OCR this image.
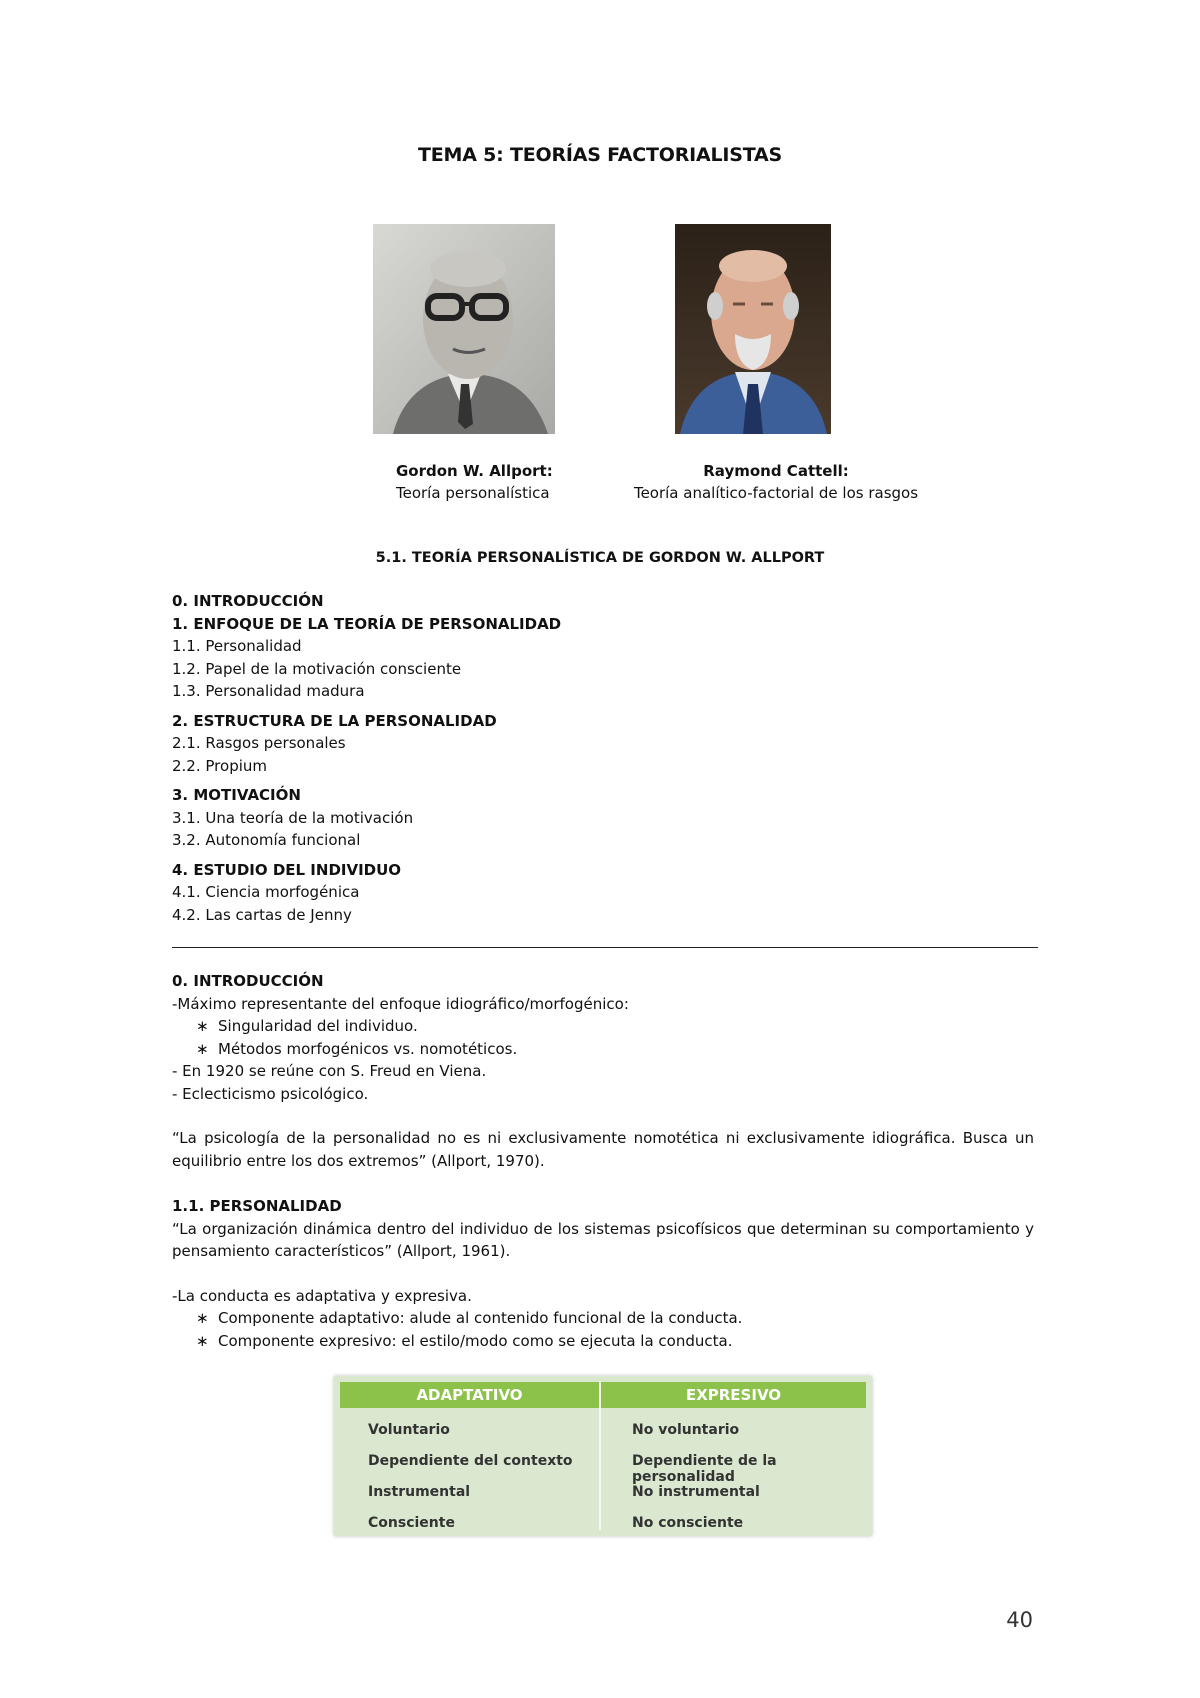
TEMA 5: TEORÍAS FACTORIALISTAS
Gordon W. Allport:
Teoría personalística
Raymond Cattell:
Teoría analítico-factorial de los rasgos
5.1. TEORÍA PERSONALÍSTICA DE GORDON W. ALLPORT
0. INTRODUCCIÓN
1. ENFOQUE DE LA TEORÍA DE PERSONALIDAD
1.1. Personalidad
1.2. Papel de la motivación consciente
1.3. Personalidad madura
2. ESTRUCTURA DE LA PERSONALIDAD
2.1. Rasgos personales
2.2. Propium
3. MOTIVACIÓN
3.1. Una teoría de la motivación
3.2. Autonomía funcional
4. ESTUDIO DEL INDIVIDUO
4.1. Ciencia morfogénica
4.2. Las cartas de Jenny
0. INTRODUCCIÓN
-Máximo representante del enfoque idiográfico/morfogénico:
∗ Singularidad del individuo.
∗ Métodos morfogénicos vs. nomotéticos.
- En 1920 se reúne con S. Freud en Viena.
- Eclecticismo psicológico.
“La psicología de la personalidad no es ni exclusivamente nomotética ni exclusivamente idiográfica. Busca un equilibrio entre los dos extremos” (Allport, 1970).
1.1. PERSONALIDAD
“La organización dinámica dentro del individuo de los sistemas psicofísicos que determinan su comportamiento y pensamiento característicos” (Allport, 1961).
-La conducta es adaptativa y expresiva.
∗ Componente adaptativo: alude al contenido funcional de la conducta.
∗ Componente expresivo: el estilo/modo como se ejecuta la conducta.
ADAPTATIVO	EXPRESIVO
Voluntario	No voluntario
Dependiente del contexto	Dependiente de la personalidad
Instrumental	No instrumental
Consciente	No consciente
40
